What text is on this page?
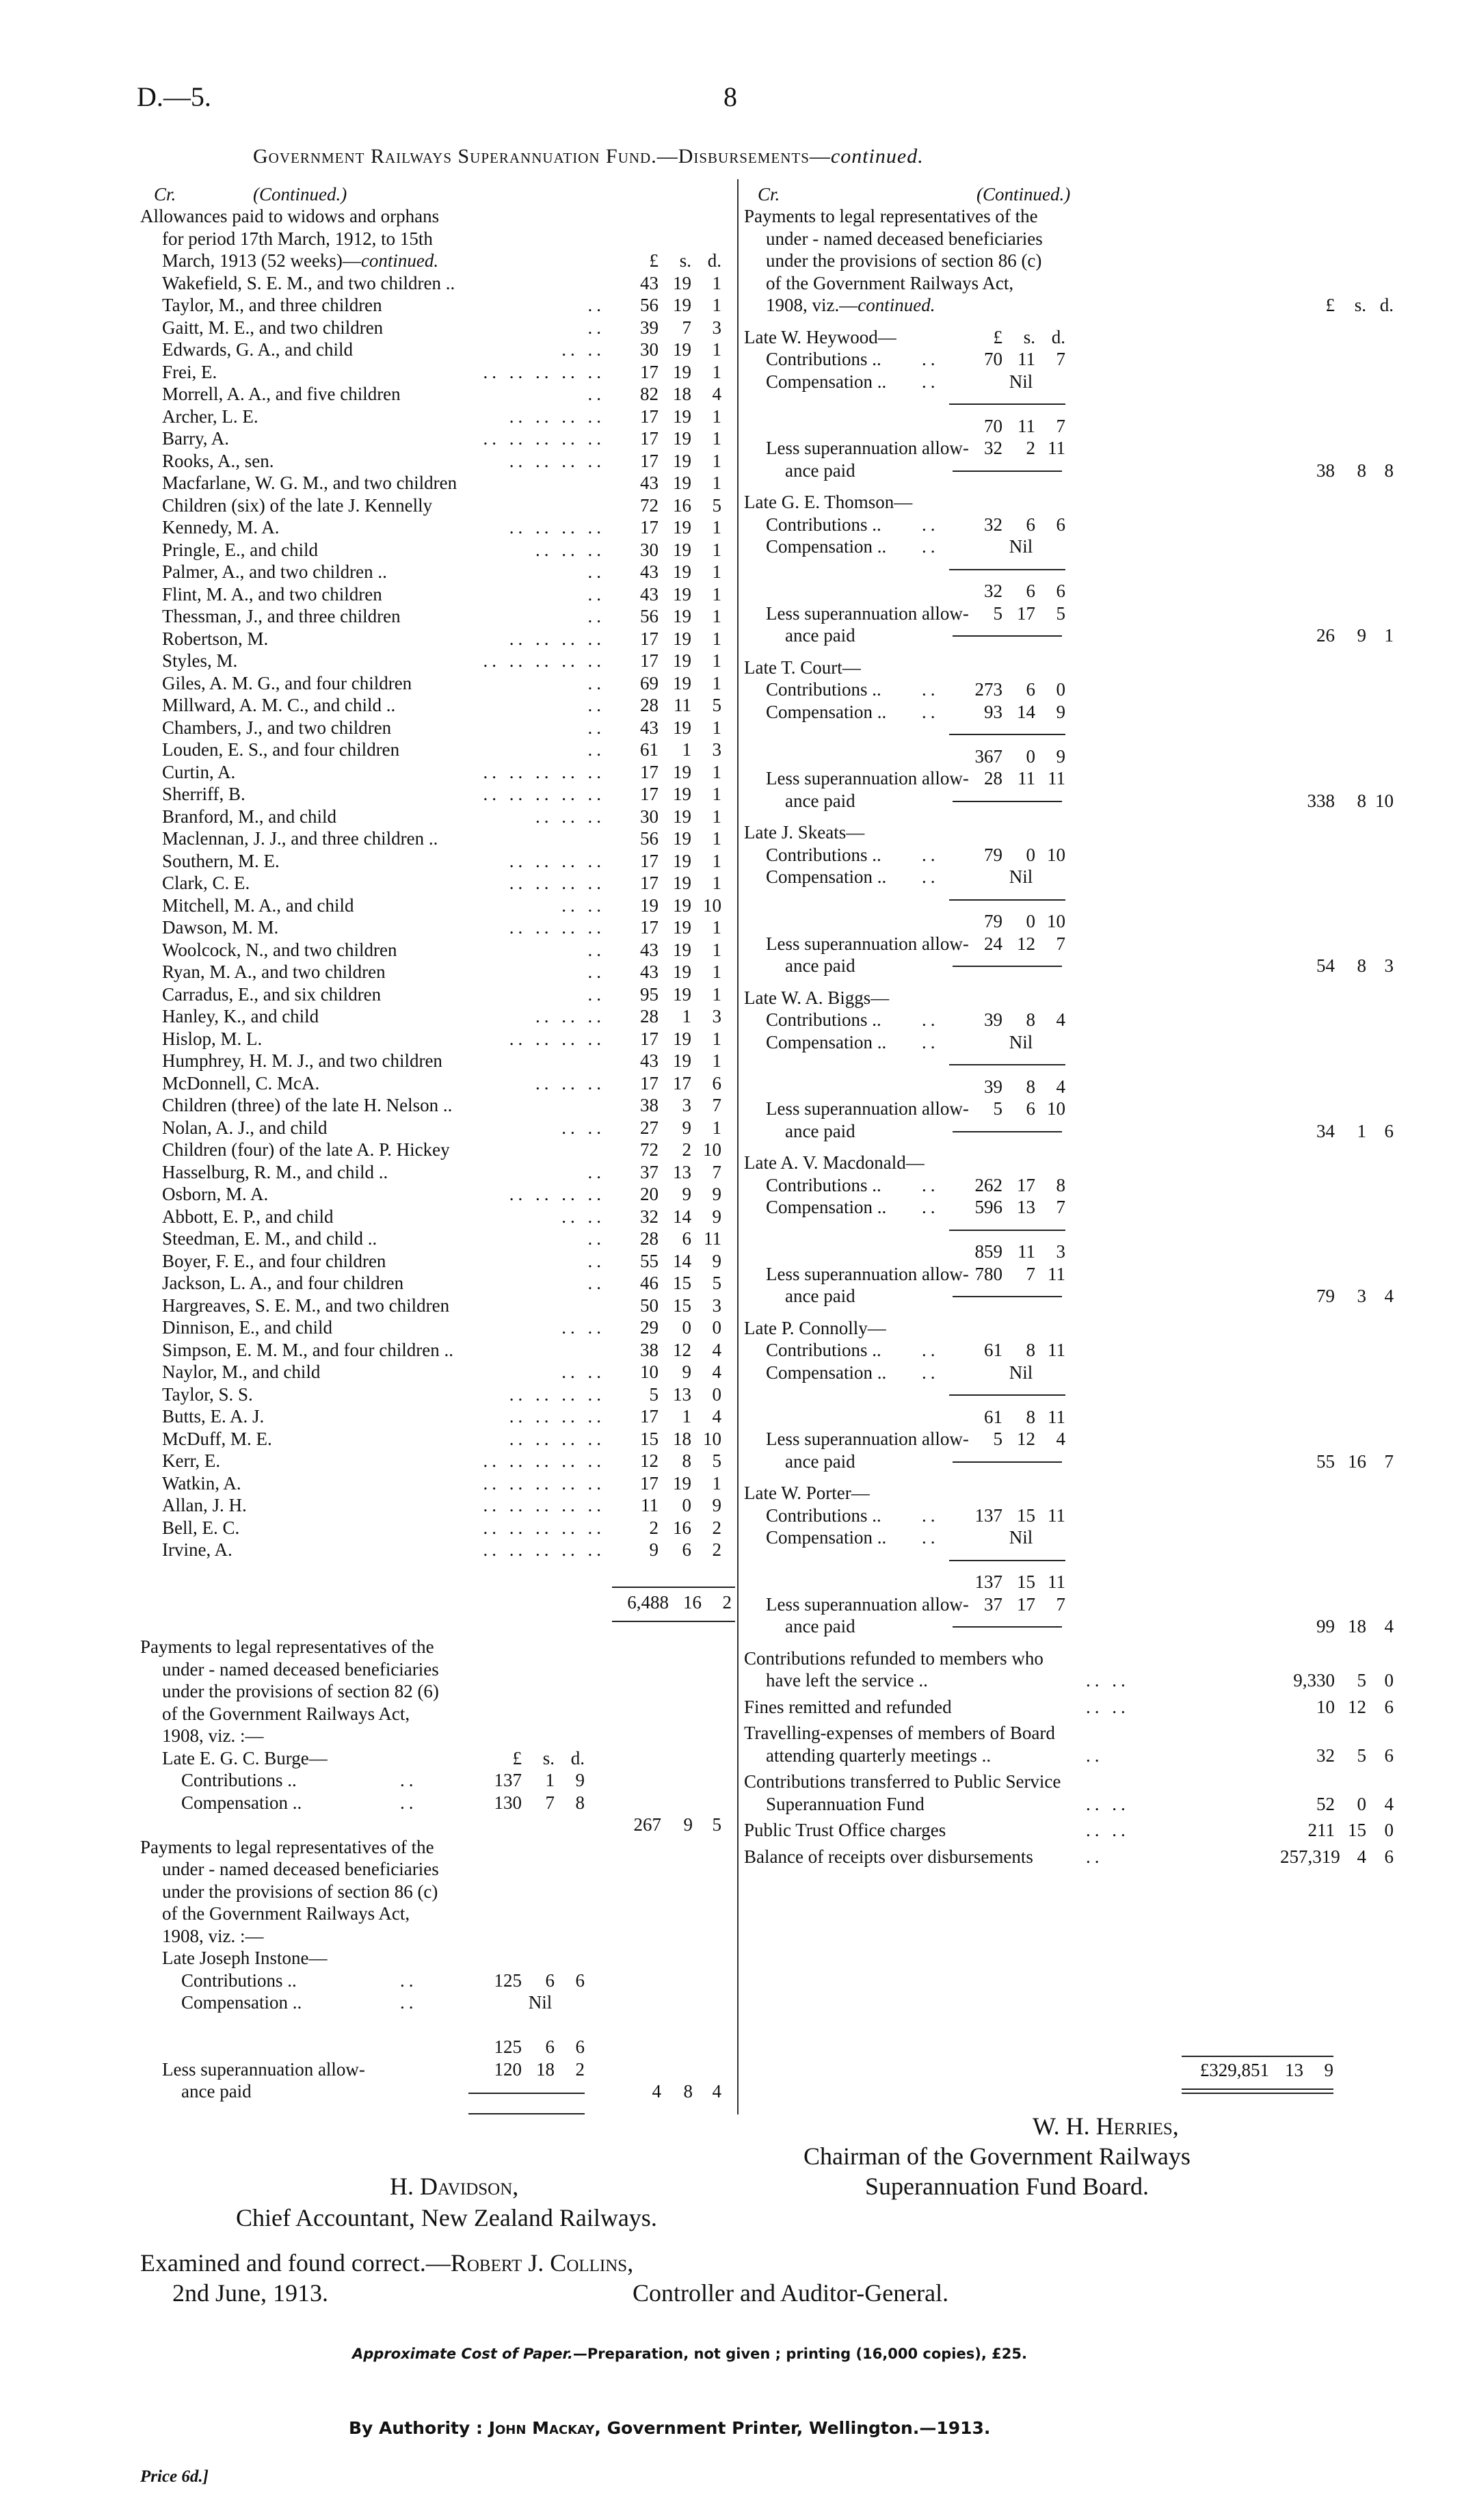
D.—5.	8
Government Railways Superannuation Fund.—Disbursements—continued.
Cr.	(Continued.)
Allowances paid to widows and orphans
for period 17th March, 1912, to 15th
March, 1913 (52 weeks)—continued.	£ s. d.
Wakefield, S. E. M., and two children ..	43 19 1
Taylor, M., and three children	..	56 19 1
Gaitt, M. E., and two children	..	39 7 3
Edwards, G. A., and child	.. ..	30 19 1
Frei, E.	.. .. .. .. ..	17 19 1
Morrell, A. A., and five children	..	82 18 4
Archer, L. E.	.. .. .. ..	17 19 1
Barry, A.	.. .. .. .. ..	17 19 1
Rooks, A., sen.	.. .. .. ..	17 19 1
Macfarlane, W. G. M., and two children	43 19 1
Children (six) of the late J. Kennelly	72 16 5
Kennedy, M. A.	.. .. .. ..	17 19 1
Pringle, E., and child	.. .. ..	30 19 1
Palmer, A., and two children ..	..	43 19 1
Flint, M. A., and two children	..	43 19 1
Thessman, J., and three children	..	56 19 1
Robertson, M.	.. .. .. ..	17 19 1
Styles, M.	.. .. .. .. ..	17 19 1
Giles, A. M. G., and four children	..	69 19 1
Millward, A. M. C., and child ..	..	28 11 5
Chambers, J., and two children	..	43 19 1
Louden, E. S., and four children	..	61 1 3
Curtin, A.	.. .. .. .. ..	17 19 1
Sherriff, B.	.. .. .. .. ..	17 19 1
Branford, M., and child	.. .. ..	30 19 1
Maclennan, J. J., and three children ..	56 19 1
Southern, M. E.	.. .. .. ..	17 19 1
Clark, C. E.	.. .. .. ..	17 19 1
Mitchell, M. A., and child	.. ..	19 19 10
Dawson, M. M.	.. .. .. ..	17 19 1
Woolcock, N., and two children	..	43 19 1
Ryan, M. A., and two children	..	43 19 1
Carradus, E., and six children	..	95 19 1
Hanley, K., and child	.. .. ..	28 1 3
Hislop, M. L.	.. .. .. ..	17 19 1
Humphrey, H. M. J., and two children	43 19 1
McDonnell, C. McA.	.. .. ..	17 17 6
Children (three) of the late H. Nelson ..	38 3 7
Nolan, A. J., and child	.. ..	27 9 1
Children (four) of the late A. P. Hickey	72 2 10
Hasselburg, R. M., and child ..	..	37 13 7
Osborn, M. A.	.. .. .. ..	20 9 9
Abbott, E. P., and child	.. ..	32 14 9
Steedman, E. M., and child ..	..	28 6 11
Boyer, F. E., and four children	..	55 14 9
Jackson, L. A., and four children	..	46 15 5
Hargreaves, S. E. M., and two children	50 15 3
Dinnison, E., and child	.. ..	29 0 0
Simpson, E. M. M., and four children ..	38 12 4
Naylor, M., and child	.. ..	10 9 4
Taylor, S. S.	.. .. .. ..	5 13 0
Butts, E. A. J.	.. .. .. ..	17 1 4
McDuff, M. E.	.. .. .. ..	15 18 10
Kerr, E.	.. .. .. .. ..	12 8 5
Watkin, A.	.. .. .. .. ..	17 19 1
Allan, J. H.	.. .. .. .. ..	11 0 9
Bell, E. C.	.. .. .. .. ..	2 16 2
Irvine, A.	.. .. .. .. ..	9 6 2
6,488 16 2
Payments to legal representatives of the
under - named deceased beneficiaries
under the provisions of section 82 (6)
of the Government Railways Act,
1908, viz. :—
Late E. G. C. Burge—	£ s. d.
Contributions ..	..	137 1 9
Compensation ..	..	130 7 8
267 9 5
Payments to legal representatives of the
under - named deceased beneficiaries
under the provisions of section 86 (c)
of the Government Railways Act,
1908, viz. :—
Late Joseph Instone—
Contributions ..	..	125 6 6
Compensation ..	..	Nil
125 6 6
Less superannuation allow-	120 18 2
ance paid	4 8 4
Cr.	(Continued.)
Payments to legal representatives of the
under - named deceased beneficiaries
under the provisions of section 86 (c)
of the Government Railways Act,
1908, viz.—continued.	£ s. d.
Late W. Heywood—	£ s. d.
Contributions .. ..	70 11 7
Compensation .. ..	Nil
70 11 7
Less superannuation allow- 32 2 11
ance paid	38 8 8
Late G. E. Thomson—
Contributions .. ..	32 6 6
Compensation .. ..	Nil
32 6 6
Less superannuation allow-	5 17 5
ance paid	26 9 1
Late T. Court—
Contributions .. ..	273 6 0
Compensation .. ..	93 14 9
367 0 9
Less superannuation allow- 28 11 11
ance paid	338 8 10
Late J. Skeats—
Contributions .. ..	79 0 10
Compensation .. ..	Nil
79 0 10
Less superannuation allow- 24 12 7
ance paid	54 8 3
Late W. A. Biggs—
Contributions .. ..	39 8 4
Compensation .. ..	Nil
39 8 4
Less superannuation allow-	5 6 10
ance paid	34 1 6
Late A. V. Macdonald—
Contributions .. ..	262 17 8
Compensation .. ..	596 13 7
859 11 3
Less superannuation allow- 780 7 11
ance paid	79 3 4
Late P. Connolly—
Contributions .. ..	61 8 11
Compensation .. ..	Nil
61 8 11
Less superannuation allow-	5 12 4
ance paid	55 16 7
Late W. Porter—
Contributions .. ..	137 15 11
Compensation .. ..	Nil
137 15 11
Less superannuation allow- 37 17 7
ance paid	99 18 4
Contributions refunded to members who
have left the service ..	.. ..	9,330 5 0
Fines remitted and refunded	.. ..	10 12 6
Travelling-expenses of members of Board
attending quarterly meetings ..	..	32 5 6
Contributions transferred to Public Service
Superannuation Fund	.. ..	52 0 4
Public Trust Office charges	.. ..	211 15 0
Balance of receipts over disbursements	..	257,319 4 6
£329,851 13 9
W. H. Herries,
Chairman of the Government Railways
Superannuation Fund Board.
H. Davidson,
Chief Accountant, New Zealand Railways.
Examined and found correct.—Robert J. Collins,
2nd June, 1913.	Controller and Auditor-General.
Approximate Cost of Paper.—Preparation, not given ; printing (16,000 copies), £25.
By Authority : John Mackay, Government Printer, Wellington.—1913.
Price 6d.]
